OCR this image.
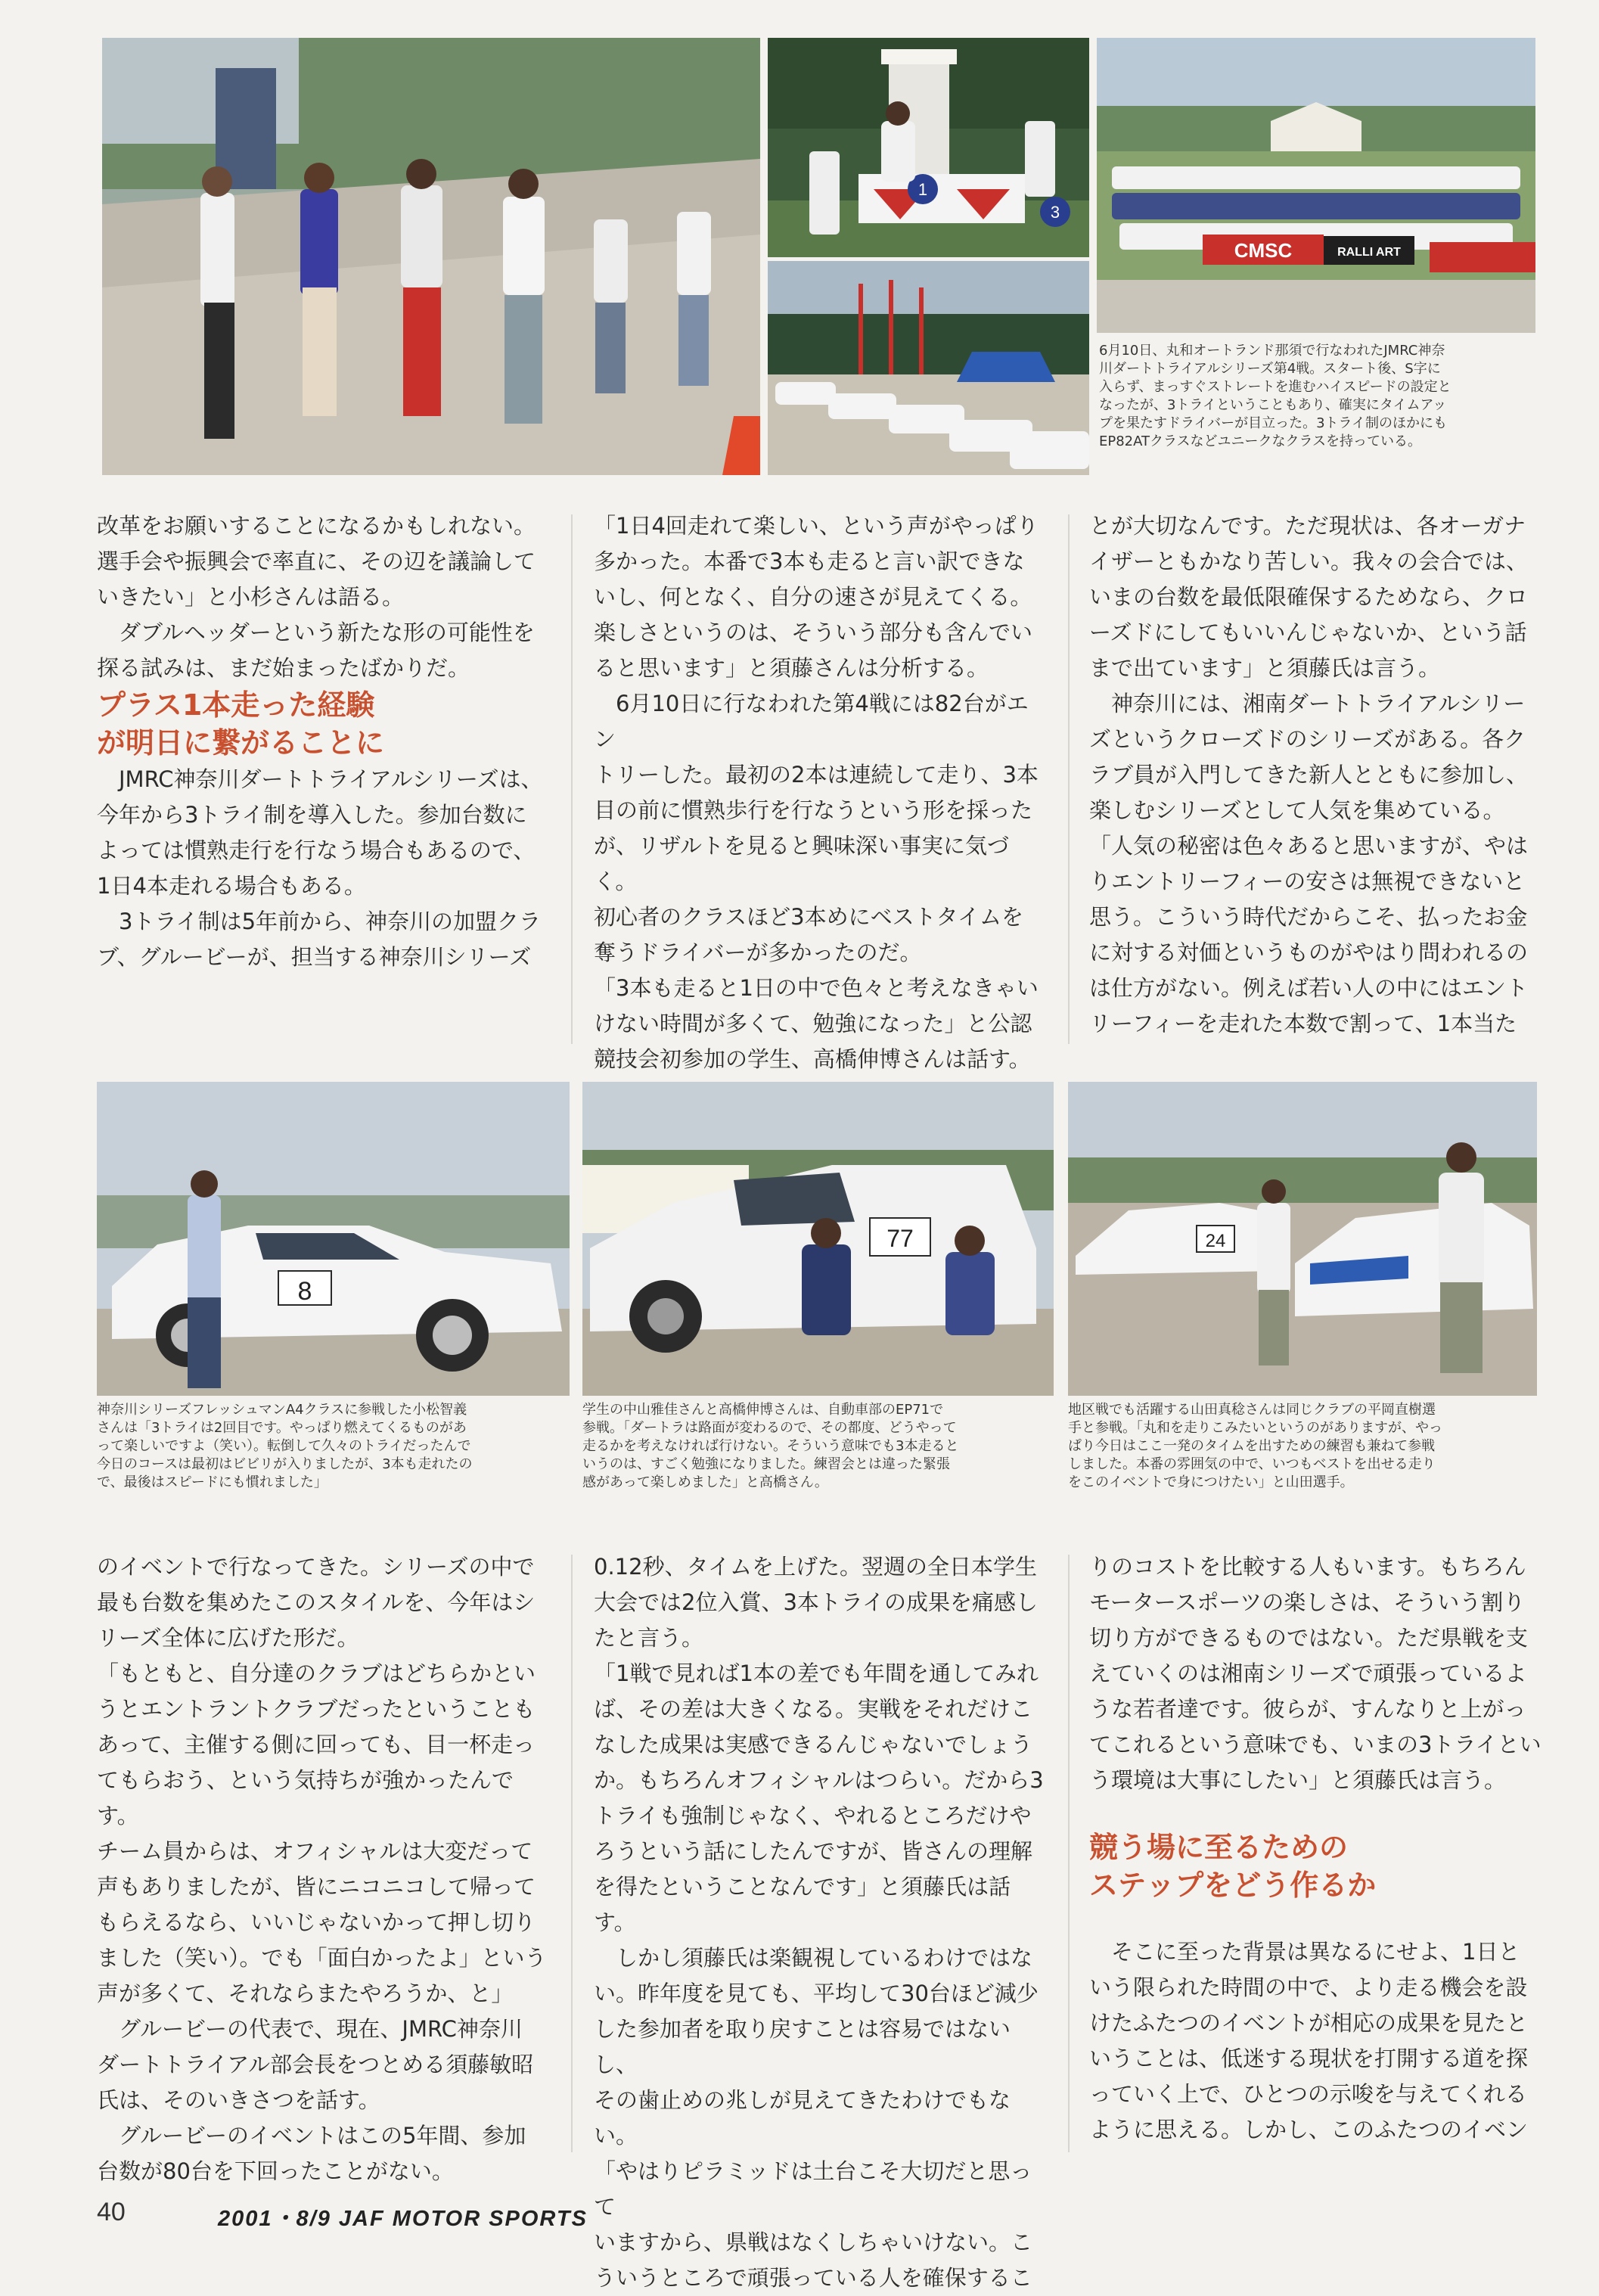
1
3
CMSC	RALLI ART

6月10日、丸和オートランド那須で行なわれたJMRC神奈
川ダートトライアルシリーズ第4戦。スタート後、S字に
入らず、まっすぐストレートを進むハイスピードの設定と
なったが、3トライということもあり、確実にタイムアッ
プを果たすドライバーが目立った。3トライ制のほかにも
EP82ATクラスなどユニークなクラスを持っている。

改革をお願いすることになるかもしれない。
選手会や振興会で率直に、その辺を議論して
いきたい」と小杉さんは語る。

　ダブルヘッダーという新たな形の可能性を
探る試みは、まだ始まったばかりだ。

プラス1本走った経験
が明日に繋がることに

　JMRC神奈川ダートトライアルシリーズは、
今年から3トライ制を導入した。参加台数に
よっては慣熟走行を行なう場合もあるので、
1日4本走れる場合もある。

　3トライ制は5年前から、神奈川の加盟クラ
ブ、グルービーが、担当する神奈川シリーズ

「1日4回走れて楽しい、という声がやっぱり
多かった。本番で3本も走ると言い訳できな
いし、何となく、自分の速さが見えてくる。
楽しさというのは、そういう部分も含んでい
ると思います」と須藤さんは分析する。

　6月10日に行なわれた第4戦には82台がエン
トリーした。最初の2本は連続して走り、3本
目の前に慣熟歩行を行なうという形を採った
が、リザルトを見ると興味深い事実に気づく。
初心者のクラスほど3本めにベストタイムを
奪うドライバーが多かったのだ。

「3本も走ると1日の中で色々と考えなきゃい
けない時間が多くて、勉強になった」と公認
競技会初参加の学生、高橋伸博さんは話す。

とが大切なんです。ただ現状は、各オーガナ
イザーともかなり苦しい。我々の会合では、
いまの台数を最低限確保するためなら、クロ
ーズドにしてもいいんじゃないか、という話
まで出ています」と須藤氏は言う。

　神奈川には、湘南ダートトライアルシリー
ズというクローズドのシリーズがある。各ク
ラブ員が入門してきた新人とともに参加し、
楽しむシリーズとして人気を集めている。

「人気の秘密は色々あると思いますが、やは
りエントリーフィーの安さは無視できないと
思う。こういう時代だからこそ、払ったお金
に対する対価というものがやはり問われるの
は仕方がない。例えば若い人の中にはエント
リーフィーを走れた本数で割って、1本当た

8
77	24

神奈川シリーズフレッシュマンA4クラスに参戦した小松智義
さんは「3トライは2回目です。やっぱり燃えてくるものがあ
って楽しいですよ（笑い）。転倒して久々のトライだったんで
今日のコースは最初はビビリが入りましたが、3本も走れたの
で、最後はスピードにも慣れました」

学生の中山雅佳さんと高橋伸博さんは、自動車部のEP71で
参戦。「ダートラは路面が変わるので、その都度、どうやって
走るかを考えなければ行けない。そういう意味でも3本走ると
いうのは、すごく勉強になりました。練習会とは違った緊張
感があって楽しめました」と高橋さん。

地区戦でも活躍する山田真稔さんは同じクラブの平岡直樹選
手と参戦。「丸和を走りこみたいというのがありますが、やっ
ぱり今日はここ一発のタイムを出すための練習も兼ねて参戦
しました。本番の雰囲気の中で、いつもベストを出せる走り
をこのイベントで身につけたい」と山田選手。

のイベントで行なってきた。シリーズの中で
最も台数を集めたこのスタイルを、今年はシ
リーズ全体に広げた形だ。

「もともと、自分達のクラブはどちらかとい
うとエントラントクラブだったということも
あって、主催する側に回っても、目一杯走っ
てもらおう、という気持ちが強かったんです。
チーム員からは、オフィシャルは大変だって
声もありましたが、皆にニコニコして帰って
もらえるなら、いいじゃないかって押し切り
ました（笑い）。でも「面白かったよ」という
声が多くて、それならまたやろうか、と」

　グルービーの代表で、現在、JMRC神奈川
ダートトライアル部会長をつとめる須藤敏昭
氏は、そのいきさつを話す。

　グルービーのイベントはこの5年間、参加
台数が80台を下回ったことがない。

0.12秒、タイムを上げた。翌週の全日本学生
大会では2位入賞、3本トライの成果を痛感し
たと言う。

「1戦で見れば1本の差でも年間を通してみれ
ば、その差は大きくなる。実戦をそれだけこ
なした成果は実感できるんじゃないでしょう
か。もちろんオフィシャルはつらい。だから3
トライも強制じゃなく、やれるところだけや
ろうという話にしたんですが、皆さんの理解
を得たということなんです」と須藤氏は話す。

　しかし須藤氏は楽観視しているわけではな
い。昨年度を見ても、平均して30台ほど減少
した参加者を取り戻すことは容易ではないし、
その歯止めの兆しが見えてきたわけでもない。

「やはりピラミッドは土台こそ大切だと思って
いますから、県戦はなくしちゃいけない。こ
ういうところで頑張っている人を確保するこ

りのコストを比較する人もいます。もちろん
モータースポーツの楽しさは、そういう割り
切り方ができるものではない。ただ県戦を支
えていくのは湘南シリーズで頑張っているよ
うな若者達です。彼らが、すんなりと上がっ
てこれるという意味でも、いまの3トライとい
う環境は大事にしたい」と須藤氏は言う。

競う場に至るための
ステップをどう作るか

　そこに至った背景は異なるにせよ、1日と
いう限られた時間の中で、より走る機会を設
けたふたつのイベントが相応の成果を見たと
いうことは、低迷する現状を打開する道を探
っていく上で、ひとつの示唆を与えてくれる
ように思える。しかし、このふたつのイベン

40	2001・8/9 JAF MOTOR SPORTS
